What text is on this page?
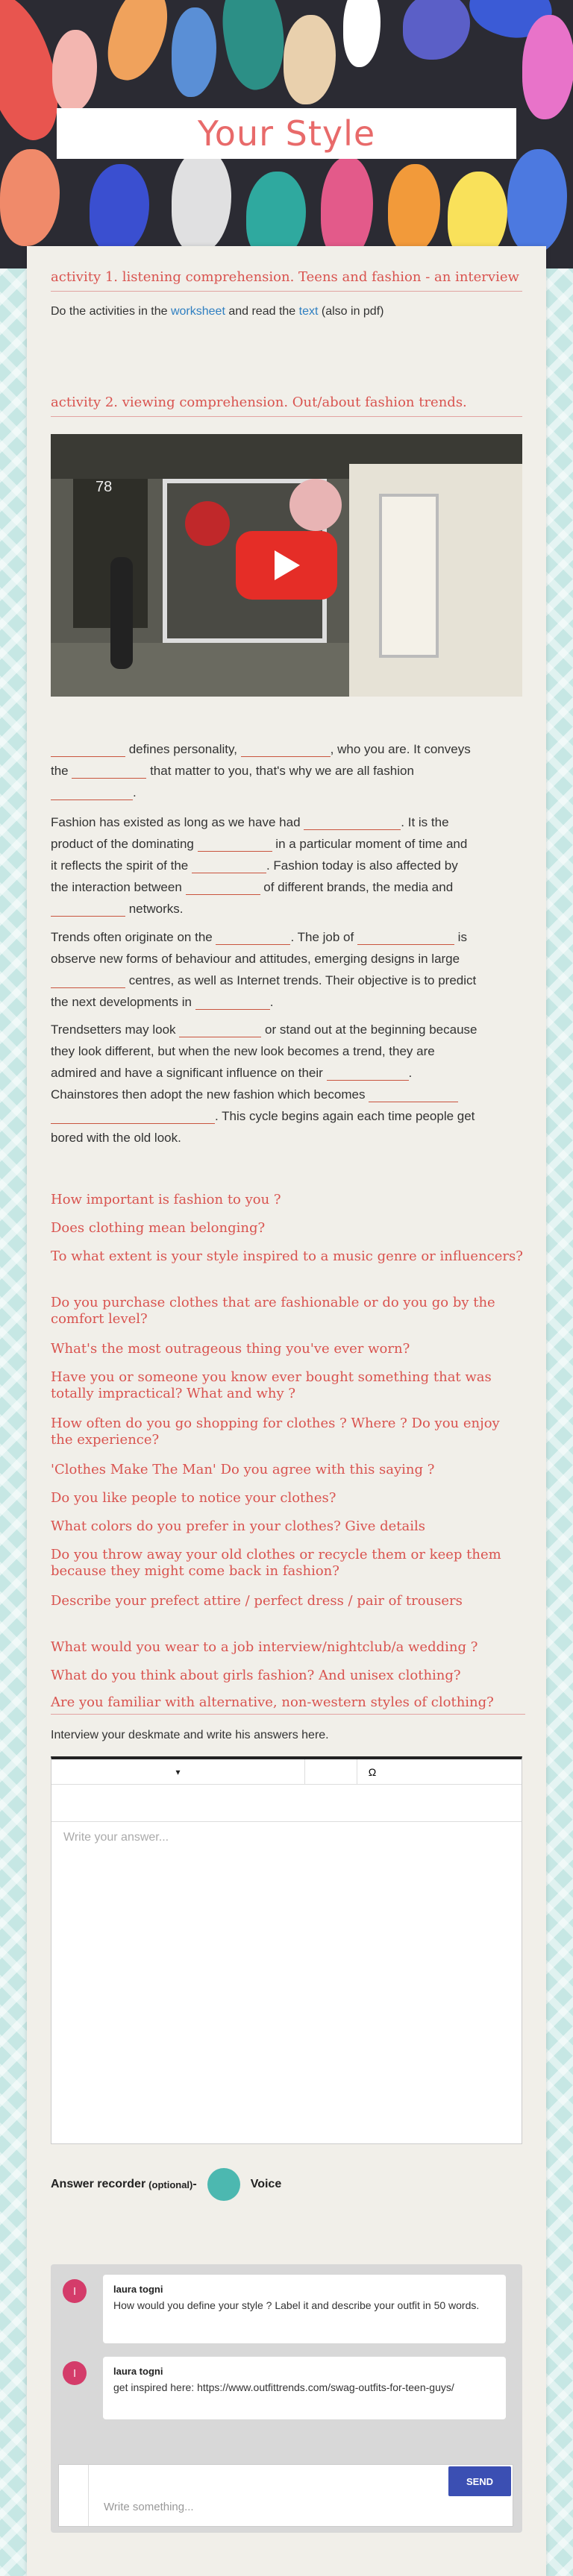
Your Style
activity 1. listening comprehension. Teens and fashion - an interview
Do the activities in the worksheet and read the text (also in pdf)
activity 2. viewing comprehension. Out/about fashion trends.
78
defines personality,	, who you are. It conveys
the	that matter to you, that's why we are all fashion
.
Fashion has existed as long as we have had	. It is the
product of the dominating	in a particular moment of time and
it reflects the spirit of the	. Fashion today is also affected by
the interaction between	of different brands, the media and
networks.
Trends often originate on the	. The job of	is
observe new forms of behaviour and attitudes, emerging designs in large
centres, as well as Internet trends. Their objective is to predict
the next developments in	.
Trendsetters may look	or stand out at the beginning because
they look different, but when the new look becomes a trend, they are
admired and have a significant influence on their	.
Chainstores then adopt the new fashion which becomes
. This cycle begins again each time people get
bored with the old look.
How important is fashion to you ?
Does clothing mean belonging?
To what extent is your style inspired to a music genre or influencers?
Do you purchase clothes that are fashionable or do you go by the comfort level?
What's the most outrageous thing you've ever worn?
Have you or someone you know ever bought something that was totally impractical? What and why ?
How often do you go shopping for clothes ? Where ? Do you enjoy the experience?
'Clothes Make The Man' Do you agree with this saying ?
Do you like people to notice your clothes?
What colors do you prefer in your clothes? Give details
Do you throw away your old clothes or recycle them or keep them because they might come back in fashion?
Describe your prefect attire / perfect dress / pair of trousers
What would you wear to a job interview/nightclub/a wedding ?
What do you think about girls fashion? And unisex clothing?
Are you familiar with alternative, non-western styles of clothing?
Interview your deskmate and write his answers here.
▾	Ω
Write your answer...
Answer recorder (optional) -	Voice
l	laura togni
How would you define your style ? Label it and describe your outfit in 50 words.
l	laura togni
get inspired here: https://www.outfittrends.com/swag-outfits-for-teen-guys/
Write something...
SEND
